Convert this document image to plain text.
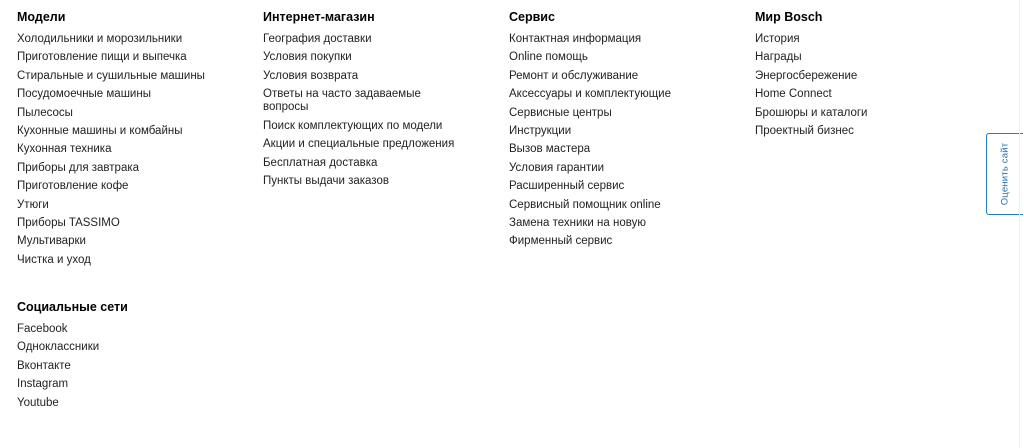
Модели
Холодильники и морозильники
Приготовление пищи и выпечка
Стиральные и сушильные машины
Посудомоечные машины
Пылесосы
Кухонные машины и комбайны
Кухонная техника
Приборы для завтрака
Приготовление кофе
Утюги
Приборы TASSIMO
Мультиварки
Чистка и уход
Интернет-магазин
География доставки
Условия покупки
Условия возврата
Ответы на часто задаваемые вопросы
Поиск комплектующих по модели
Акции и специальные предложения
Бесплатная доставка
Пункты выдачи заказов
Сервис
Контактная информация
Online помощь
Ремонт и обслуживание
Аксессуары и комплектующие
Сервисные центры
Инструкции
Вызов мастера
Условия гарантии
Расширенный сервис
Сервисный помощник online
Замена техники на новую
Фирменный сервис
Мир Bosch
История
Награды
Энергосбережение
Home Connect
Брошюры и каталоги
Проектный бизнес
Социальные сети
Facebook
Одноклассники
Вконтакте
Instagram
Youtube
Оценить сайт
